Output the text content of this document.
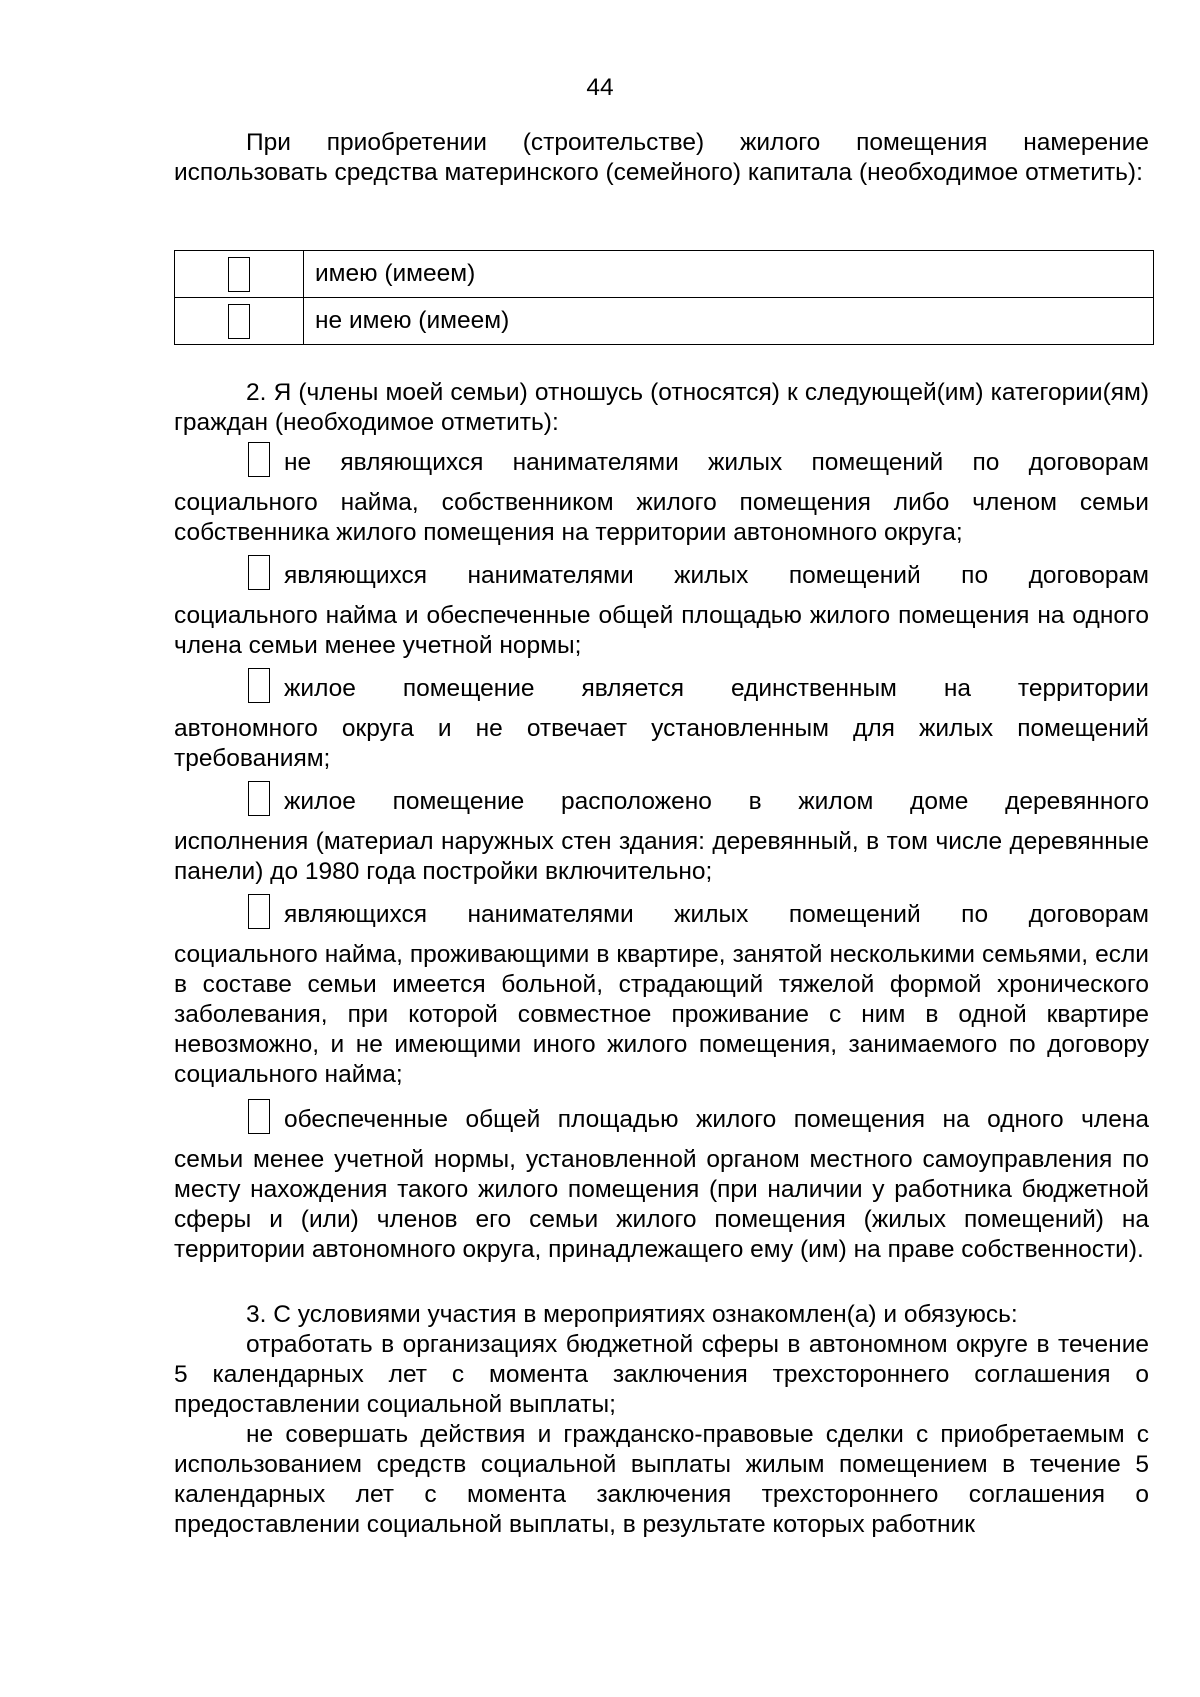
44

При приобретении (строительстве) жилого помещения намерение использовать средства материнского (семейного) капитала (необходимое отметить):

	имею (имеем)
	не имею (имеем)

2. Я (члены моей семьи) отношусь (относятся) к следующей(им) категории(ям) граждан (необходимое отметить):

не являющихся нанимателями жилых помещений по договорам

социального найма, собственником жилого помещения либо членом семьи собственника жилого помещения на территории автономного округа;

являющихся нанимателями жилых помещений по договорам

социального найма и обеспеченные общей площадью жилого помещения на одного члена семьи менее учетной нормы;

жилое помещение является единственным на территории

автономного округа и не отвечает установленным для жилых помещений требованиям;

жилое помещение расположено в жилом доме деревянного

исполнения (материал наружных стен здания: деревянный, в том числе деревянные панели) до 1980 года постройки включительно;

являющихся нанимателями жилых помещений по договорам

социального найма, проживающими в квартире, занятой несколькими семьями, если в составе семьи имеется больной, страдающий тяжелой формой хронического заболевания, при которой совместное проживание с ним в одной квартире невозможно, и не имеющими иного жилого помещения, занимаемого по договору социального найма;

обеспеченные общей площадью жилого помещения на одного члена

семьи менее учетной нормы, установленной органом местного самоуправления по месту нахождения такого жилого помещения (при наличии у работника бюджетной сферы и (или) членов его семьи жилого помещения (жилых помещений) на территории автономного округа, принадлежащего ему (им) на праве собственности).

3. С условиями участия в мероприятиях ознакомлен(а) и обязуюсь:

отработать в организациях бюджетной сферы в автономном округе в течение 5 календарных лет с момента заключения трехстороннего соглашения о предоставлении социальной выплаты;

не совершать действия и гражданско-правовые сделки с приобретаемым с использованием средств социальной выплаты жилым помещением в течение 5 календарных лет с момента заключения трехстороннего соглашения о предоставлении социальной выплаты, в результате которых работник
